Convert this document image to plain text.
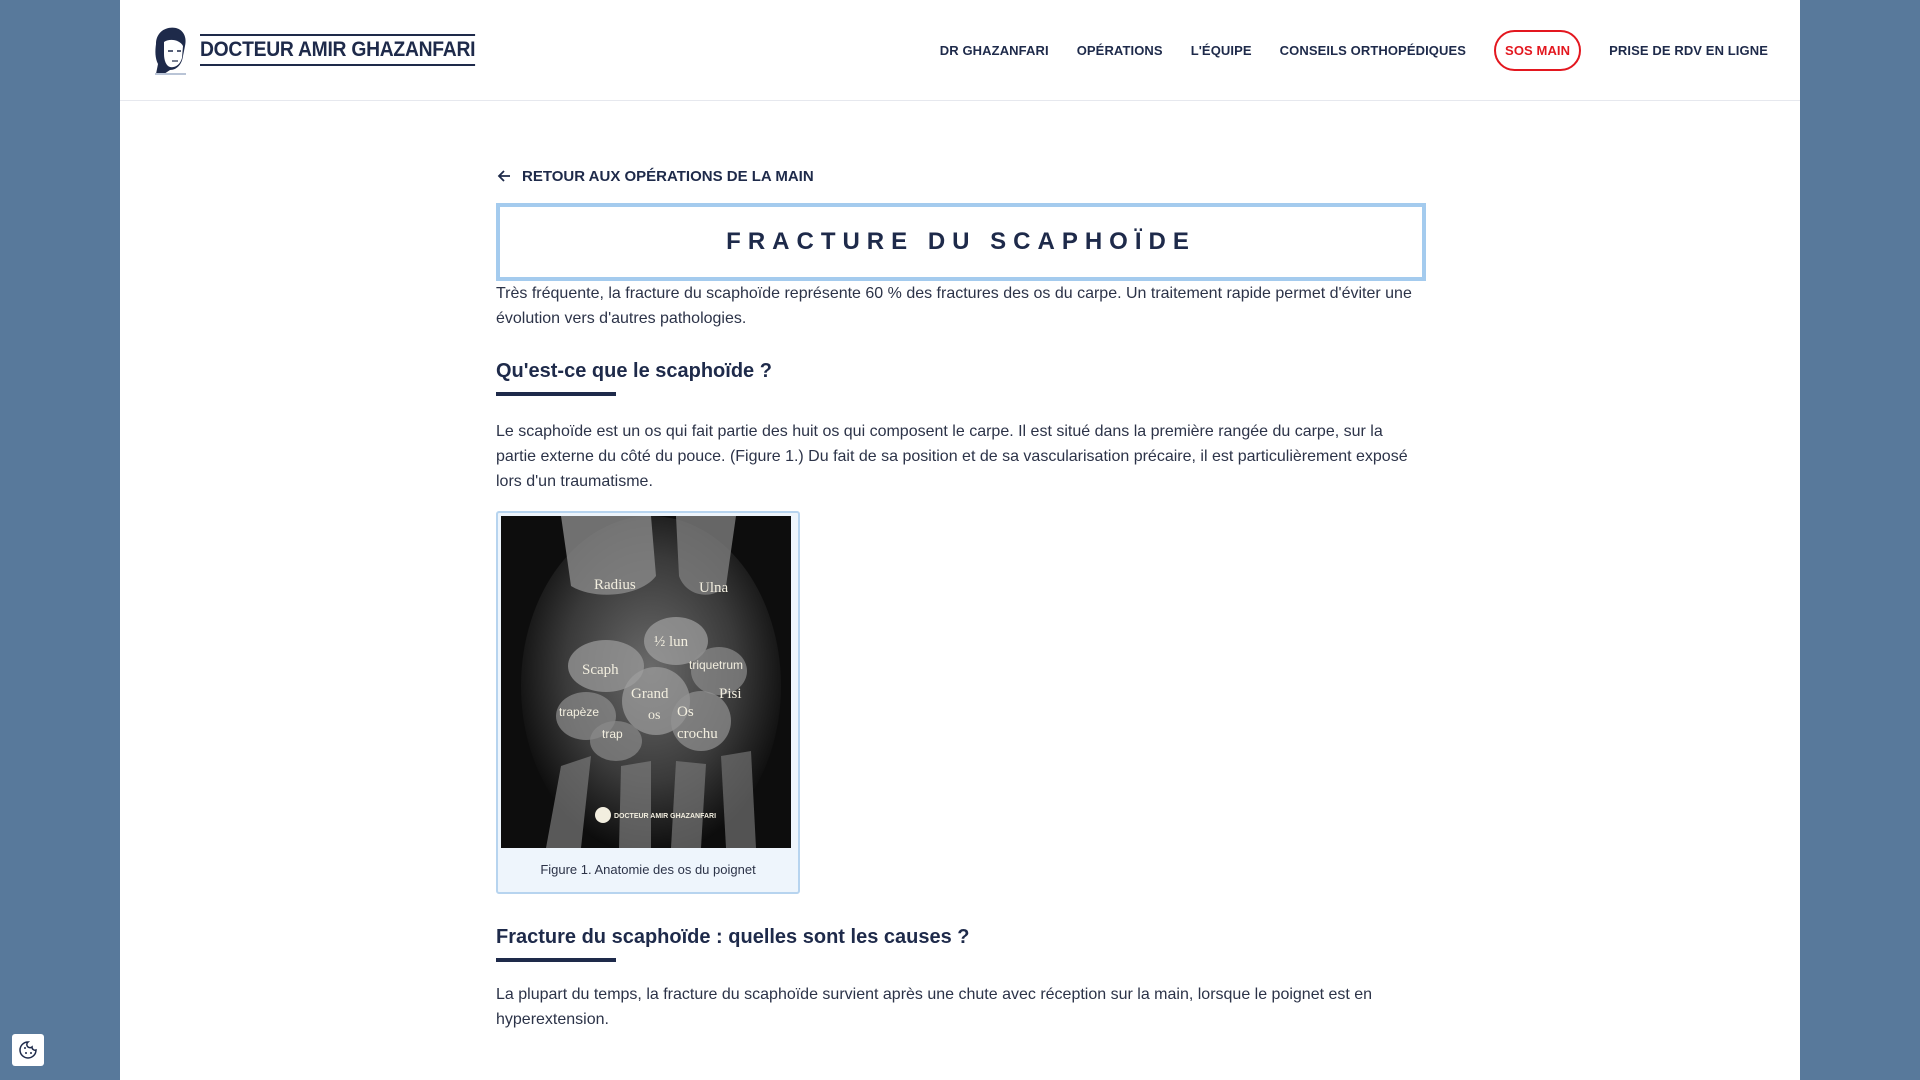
DOCTEUR AMIR GHAZANFARI	DR GHAZANFARI OPÉRATIONS L'ÉQUIPE CONSEILS ORTHOPÉDIQUES	SOS MAIN	PRISE DE RDV EN LIGNE
RETOUR AUX OPÉRATIONS DE LA MAIN
FRACTURE DU SCAPHOÏDE

Très fréquente, la fracture du scaphoïde représente 60 % des fractures des os du carpe. Un traitement rapide permet d'éviter une évolution vers d'autres pathologies.

Qu'est-ce que le scaphoïde ?

Le scaphoïde est un os qui fait partie des huit os qui composent le carpe. Il est situé dans la première rangée du carpe, sur la partie externe du côté du pouce. (Figure 1.) Du fait de sa position et de sa vascularisation précaire, il est particulièrement exposé lors d'un traumatisme.

Radius	Ulna
½ lun
Scaph
Grand
os
Pisi
Os
crochu
triquetrum
trapèze
trap
DOCTEUR AMIR GHAZANFARI
Figure 1. Anatomie des os du poignet
Fracture du scaphoïde : quelles sont les causes ?

La plupart du temps, la fracture du scaphoïde survient après une chute avec réception sur la main, lorsque le poignet est en hyperextension.
